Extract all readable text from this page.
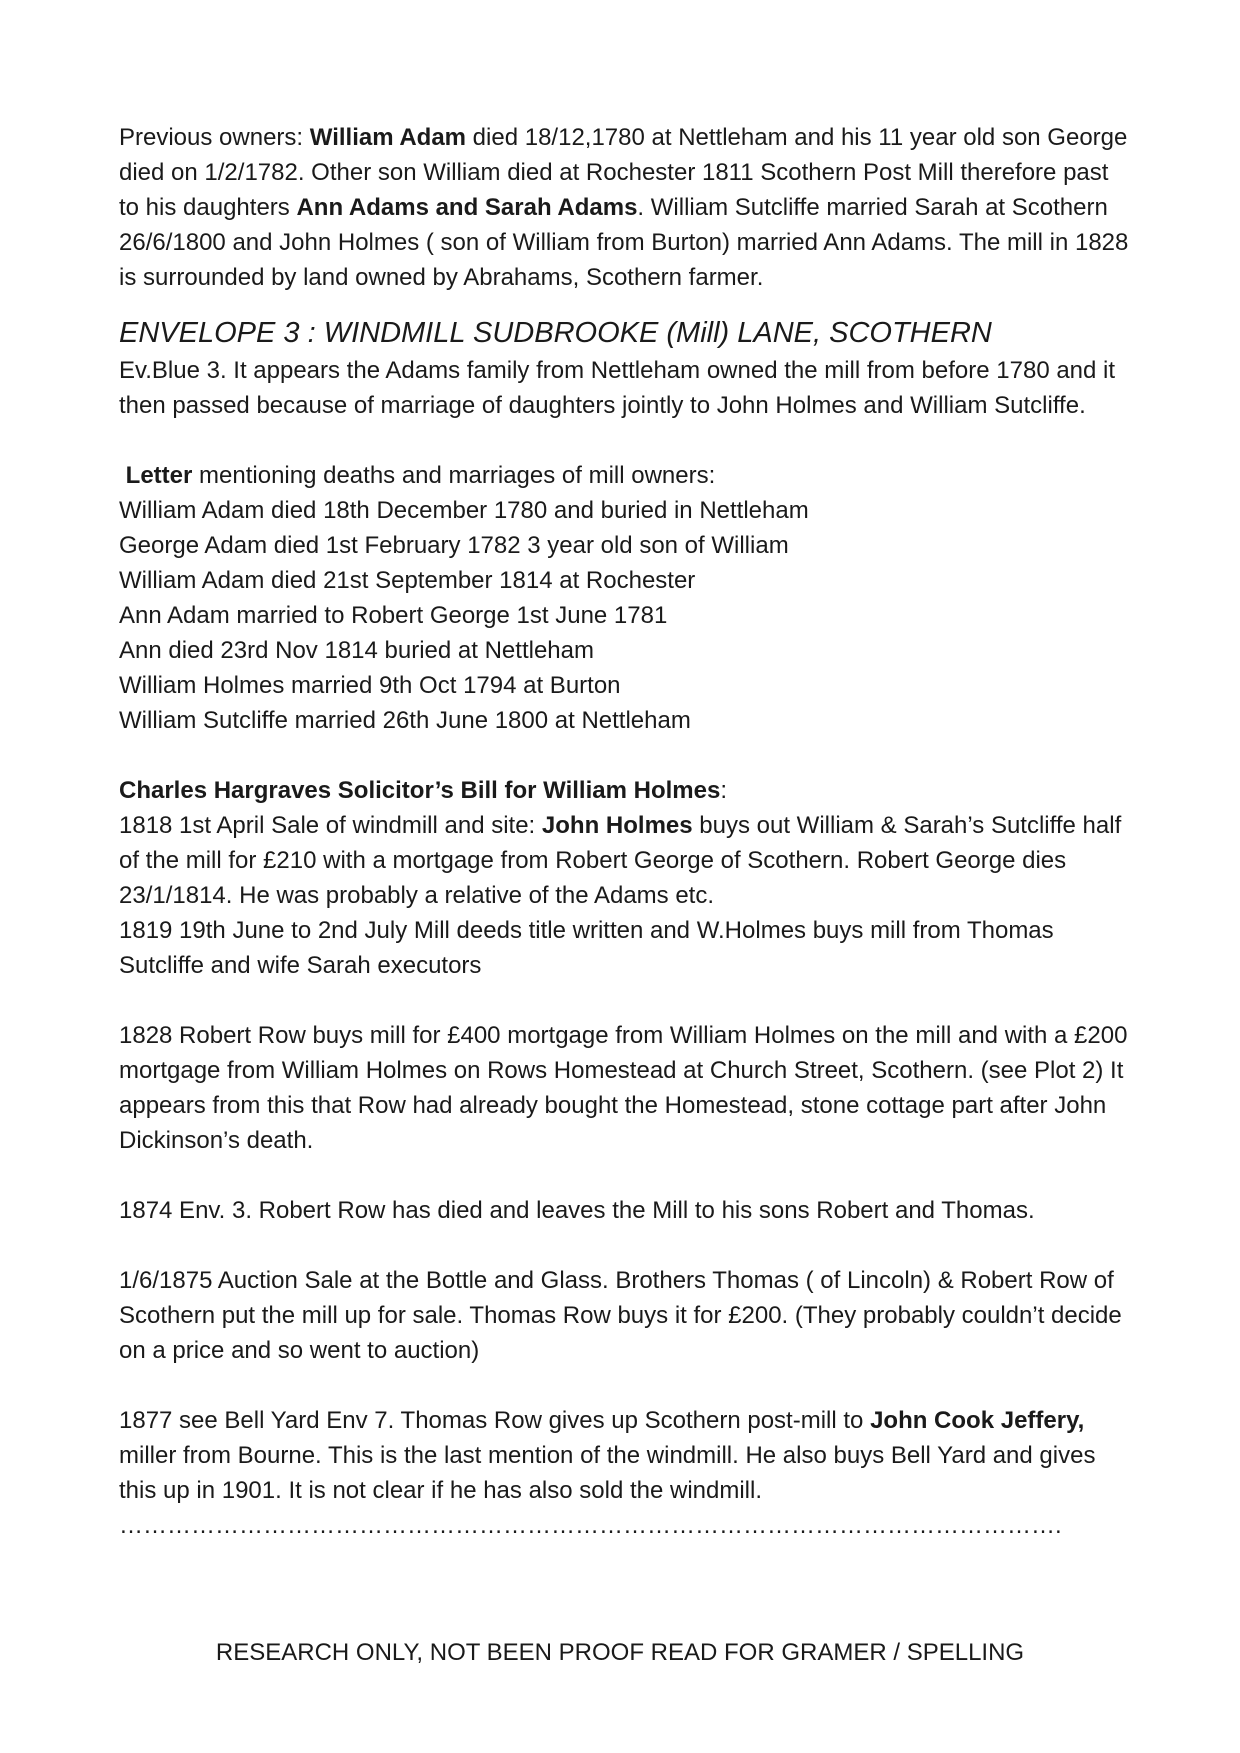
Previous owners: William Adam died 18/12,1780 at Nettleham and his 11 year old son George died on 1/2/1782. Other son William died at Rochester 1811 Scothern Post Mill therefore past to his daughters Ann Adams and Sarah Adams. William Sutcliffe married Sarah at Scothern 26/6/1800 and John Holmes ( son of William from Burton) married Ann Adams. The mill in 1828 is surrounded by land owned by Abrahams, Scothern farmer.

ENVELOPE 3 : WINDMILL SUDBROOKE (Mill) LANE, SCOTHERN

Ev.Blue 3. It appears the Adams family from Nettleham owned the mill from before 1780 and it then passed because of marriage of daughters jointly to John Holmes and William Sutcliffe.

Letter mentioning deaths and marriages of mill owners:
William Adam died 18th December 1780 and buried in Nettleham
George Adam died 1st February 1782 3 year old son of William
William Adam died 21st September 1814 at Rochester
Ann Adam married to Robert George 1st June 1781
Ann died 23rd Nov 1814 buried at Nettleham
William Holmes married 9th Oct 1794 at Burton
William Sutcliffe married 26th June 1800 at Nettleham
Charles Hargraves Solicitor’s Bill for William Holmes:

1818 1st April Sale of windmill and site: John Holmes buys out William & Sarah’s Sutcliffe half of the mill for £210 with a mortgage from Robert George of Scothern. Robert George dies 23/1/1814. He was probably a relative of the Adams etc.

1819 19th June to 2nd July Mill deeds title written and W.Holmes buys mill from Thomas Sutcliffe and wife Sarah executors

1828 Robert Row buys mill for £400 mortgage from William Holmes on the mill and with a £200 mortgage from William Holmes on Rows Homestead at Church Street, Scothern. (see Plot 2) It appears from this that Row had already bought the Homestead, stone cottage part after John Dickinson’s death.

1874 Env. 3. Robert Row has died and leaves the Mill to his sons Robert and Thomas.

1/6/1875 Auction Sale at the Bottle and Glass. Brothers Thomas ( of Lincoln) & Robert Row of Scothern put the mill up for sale. Thomas Row buys it for £200. (They probably couldn’t decide on a price and so went to auction)

1877 see Bell Yard Env 7. Thomas Row gives up Scothern post-mill to John Cook Jeffery, miller from Bourne. This is the last mention of the windmill. He also buys Bell Yard and gives this up in 1901. It is not clear if he has also sold the windmill.

……………………………………………………………………………………………………….
RESEARCH ONLY, NOT BEEN PROOF READ FOR GRAMER / SPELLING
